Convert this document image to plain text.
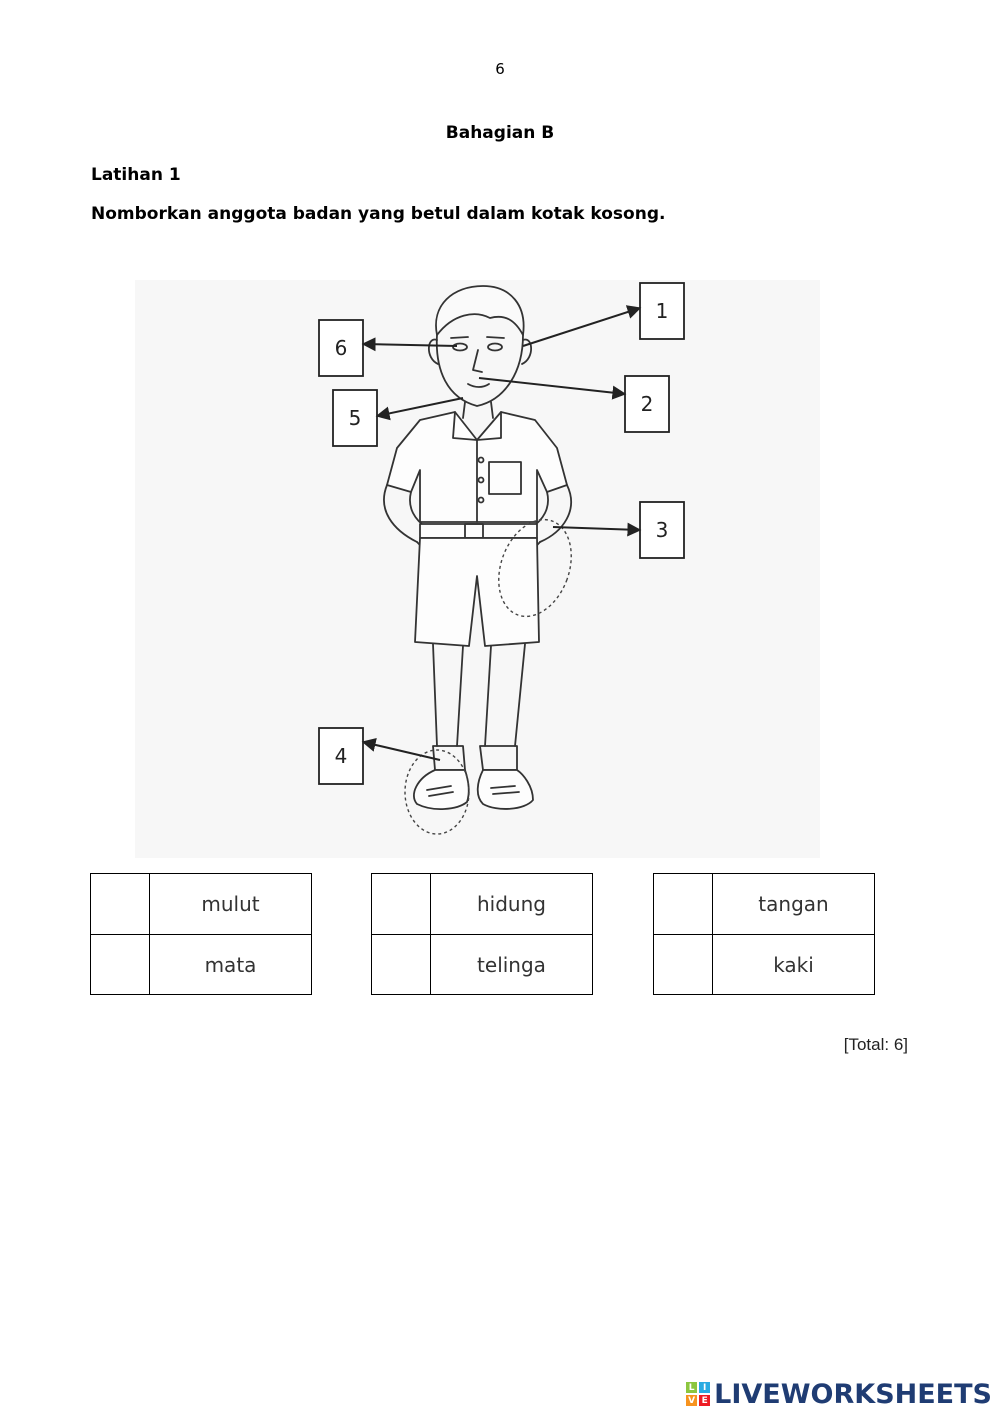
6
Bahagian B
Latihan 1
Nomborkan anggota badan yang betul dalam kotak kosong.
1
2
3
4
5
6
mulut
mata
hidung
telinga
tangan
kaki
[Total: 6]
L I
V E LIVEWORKSHEETS
